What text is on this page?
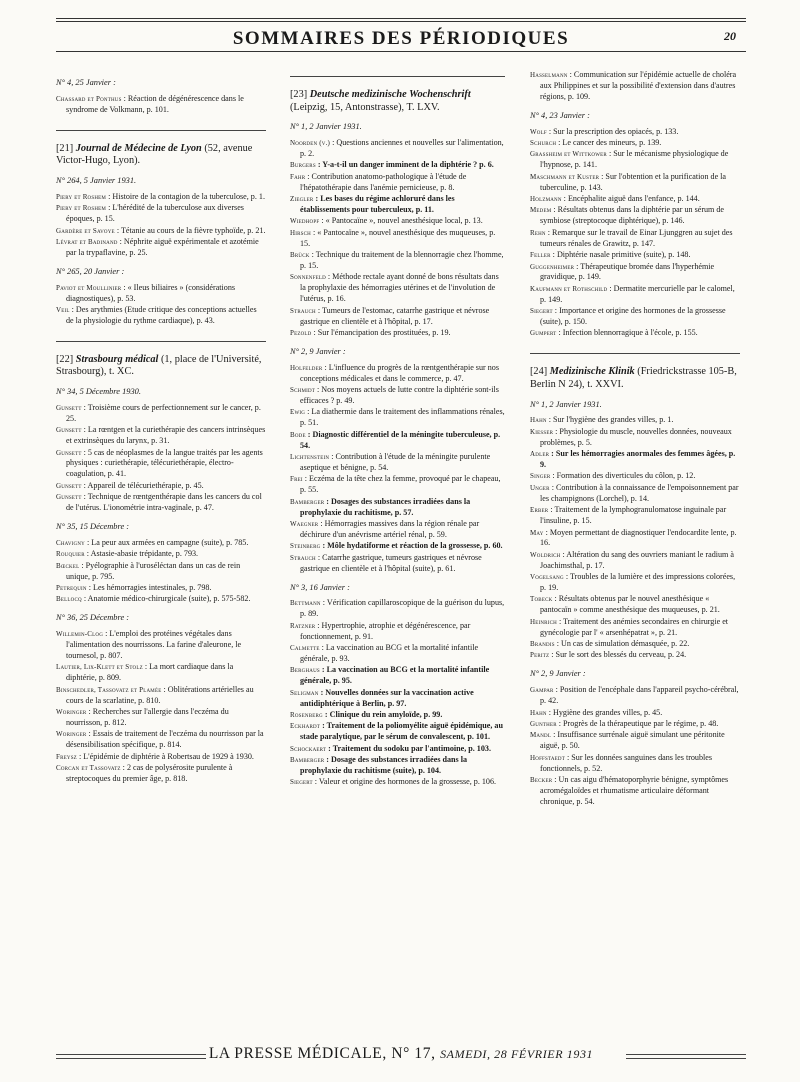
SOMMAIRES DES PÉRIODIQUES	20
N° 4, 25 Janvier :
Chassard et Ponthus : Réaction de dégénérescence dans le syndrome de Volkmann, p. 101.
[21] Journal de Médecine de Lyon (52, avenue Victor-Hugo, Lyon).
N° 264, 5 Janvier 1931.
Piery et Roshem : Histoire de la contagion de la tuberculose, p. 1.
Piery et Roshem : L'hérédité de la tuberculose aux diverses époques, p. 15.
Gardère et Savoye : Tétanie au cours de la fièvre typhoïde, p. 21.
Lévrat et Badinand : Néphrite aiguë expérimentale et azotémie par la trypaflavine, p. 25.
N° 265, 20 Janvier :
Paviot et Moullinier : « Ileus biliaires » (considérations diagnostiques), p. 53.
Veil : Des arythmies (Etude critique des conceptions actuelles de la physiologie du rythme cardiaque), p. 43.
[22] Strasbourg médical (1, place de l'Université, Strasbourg), t. XC.
N° 34, 5 Décembre 1930.
Gunsett : Troisième cours de perfectionnement sur le cancer, p. 25.
Gunsett : La rœntgen et la curiethérapie des cancers intrinsèques et extrinsèques du larynx, p. 31.
Gunsett : 5 cas de néoplasmes de la langue traités par les agents physiques : curiethérapie, télécuriethérapie, électro-coagulation, p. 41.
Gunsett : Appareil de télécuriethérapie, p. 45.
Gunsett : Technique de rœntgenthérapie dans les cancers du col de l'utérus. L'ionométrie intra-vaginale, p. 47.
N° 35, 15 Décembre :
Chavigny : La peur aux armées en campagne (suite), p. 785.
Rouquier : Astasie-abasie trépidante, p. 793.
Bœckel : Pyélographie à l'uroséléctan dans un cas de rein unique, p. 795.
Petrequin : Les hémorragies intestinales, p. 798.
Bellocq : Anatomie médico-chirurgicale (suite), p. 575-582.
N° 36, 25 Décembre :
Willemin-Clog : L'emploi des protéines végétales dans l'alimentation des nourrissons. La farine d'aleurone, le tournesol, p. 807.
Lautier, Lix-Klett et Stolz : La mort cardiaque dans la diphtérie, p. 809.
Binschedler, Tassovatz et Plamée : Oblitérations artérielles au cours de la scarlatine, p. 810.
Woringer : Recherches sur l'allergie dans l'eczéma du nourrisson, p. 812.
Woringer : Essais de traitement de l'eczéma du nourrisson par la désensibilisation spécifique, p. 814.
Freysz : L'épidémie de diphtérie à Robertsau de 1929 à 1930.
Corcan et Tassovatz : 2 cas de polysérosite purulente à streptocoques du premier âge, p. 818.
[23] Deutsche medizinische Wochenschrift (Leipzig, 15, Antonstrasse), T. LXV.
N° 1, 2 Janvier 1931.
Noorden (v.) : Questions anciennes et nouvelles sur l'alimentation, p. 2.
Burgers : Y-a-t-il un danger imminent de la diphtérie ? p. 6.
Fahr : Contribution anatomo-pathologique à l'étude de l'hépatothérapie dans l'anémie pernicieuse, p. 8.
Ziegler : Les bases du régime achloruré dans les établissements pour tuberculeux, p. 11.
Wiedhopf : « Pantocaïne », nouvel anesthésique local, p. 13.
Hirsch : « Pantocaïne », nouvel anesthésique des muqueuses, p. 15.
Brück : Technique du traitement de la blennorragie chez l'homme, p. 15.
Sonnenfeld : Méthode rectale ayant donné de bons résultats dans la prophylaxie des hémorragies utérines et de l'involution de l'utérus, p. 16.
Strauch : Tumeurs de l'estomac, catarrhe gastrique et névrose gastrique en clientèle et à l'hôpital, p. 17.
Pezold : Sur l'émancipation des prostituées, p. 19.
N° 2, 9 Janvier :
Holfelder : L'influence du progrès de la rœntgenthérapie sur nos conceptions médicales et dans le commerce, p. 47.
Schmidt : Nos moyens actuels de lutte contre la diphtérie sont-ils efficaces ? p. 49.
Ewig : La diathermie dans le traitement des inflammations rénales, p. 51.
Bode : Diagnostic différentiel de la méningite tuberculeuse, p. 54.
Lichtenstein : Contribution à l'étude de la méningite purulente aseptique et bénigne, p. 54.
Frei : Eczéma de la tête chez la femme, provoqué par le chapeau, p. 55.
Bamberger : Dosages des substances irradiées dans la prophylaxie du rachitisme, p. 57.
Waegner : Hémorragies massives dans la région rénale par déchirure d'un anévrisme artériel rénal, p. 59.
Steinberg : Môle hydatiforme et réaction de la grossesse, p. 60.
Strauch : Catarrhe gastrique, tumeurs gastriques et névrose gastrique en clientèle et à l'hôpital (suite), p. 61.
N° 3, 16 Janvier :
Bettmann : Vérification capillaroscopique de la guérison du lupus, p. 89.
Ratzner : Hypertrophie, atrophie et dégénérescence, par fonctionnement, p. 91.
Calmette : La vaccination au BCG et la mortalité infantile générale, p. 93.
Berghaus : La vaccination au BCG et la mortalité infantile générale, p. 95.
Seligman : Nouvelles données sur la vaccination active antidiphtérique à Berlin, p. 97.
Rosenberg : Clinique du rein amyloïde, p. 99.
Eckhardt : Traitement de la poliomyélite aiguë épidémique, au stade paralytique, par le sérum de convalescent, p. 101.
Schockaert : Traitement du sodoku par l'antimoine, p. 103.
Bamberger : Dosage des substances irradiées dans la prophylaxie du rachitisme (suite), p. 104.
Siegert : Valeur et origine des hormones de la grossesse, p. 106.
Hasselmann : Communication sur l'épidémie actuelle de choléra aux Philippines et sur la possibilité d'extension dans d'autres régions, p. 109.
N° 4, 23 Janvier :
Wolf : Sur la prescription des opiacés, p. 133.
Schurch : Le cancer des mineurs, p. 139.
Grassheim et Wittkower : Sur le mécanisme physiologique de l'hypnose, p. 141.
Maschmann et Kuster : Sur l'obtention et la purification de la tuberculine, p. 143.
Holzmann : Encéphalite aiguë dans l'enfance, p. 144.
Medem : Résultats obtenus dans la diphtérie par un sérum de symbiose (streptocoque diphtérique), p. 146.
Rehn : Remarque sur le travail de Einar Ljunggren au sujet des tumeurs rénales de Grawitz, p. 147.
Feller : Diphtérie nasale primitive (suite), p. 148.
Guggenheimer : Thérapeutique bromée dans l'hyperhémie gravidique, p. 149.
Kaufmann et Rothschild : Dermatite mercurielle par le calomel, p. 149.
Siegert : Importance et origine des hormones de la grossesse (suite), p. 150.
Gumpert : Infection blennorragique à l'école, p. 155.
[24] Medizinische Klinik (Friedrickstrasse 105-B, Berlin N 24), t. XXVI.
N° 1, 2 Janvier 1931.
Hahn : Sur l'hygiène des grandes villes, p. 1.
Kiesser : Physiologie du muscle, nouvelles données, nouveaux problèmes, p. 5.
Adler : Sur les hémorragies anormales des femmes âgées, p. 9.
Singer : Formation des diverticules du côlon, p. 12.
Unger : Contribution à la connaissance de l'empoisonnement par les champignons (Lorchel), p. 14.
Erber : Traitement de la lymphogranulomatose inguinale par l'insuline, p. 15.
May : Moyen permettant de diagnostiquer l'endocardite lente, p. 16.
Woldrich : Altération du sang des ouvriers maniant le radium à Joachimsthal, p. 17.
Vogelsang : Troubles de la lumière et des impressions colorées, p. 19.
Tobeck : Résultats obtenus par le nouvel anesthésique « pantocaïn » comme anesthésique des muqueuses, p. 21.
Heinrich : Traitement des anémies secondaires en chirurgie et gynécologie par l' « arsenhépatrat », p. 21.
Brandis : Un cas de simulation démasquée, p. 22.
Peritz : Sur le sort des blessés du cerveau, p. 24.
N° 2, 9 Janvier :
Gampar : Position de l'encéphale dans l'appareil psycho-cérébral, p. 42.
Hahn : Hygiène des grandes villes, p. 45.
Gunther : Progrès de la thérapeutique par le régime, p. 48.
Mandl : Insuffisance surrénale aiguë simulant une péritonite aiguë, p. 50.
Hoffstaedt : Sur les données sanguines dans les troubles fonctionnels, p. 52.
Becker : Un cas aigu d'hématoporphyrie bénigne, symptômes acromégaloïdes et rhumatisme articulaire déformant chronique, p. 54.
LA PRESSE MÉDICALE, N° 17, SAMEDI, 28 FÉVRIER 1931
